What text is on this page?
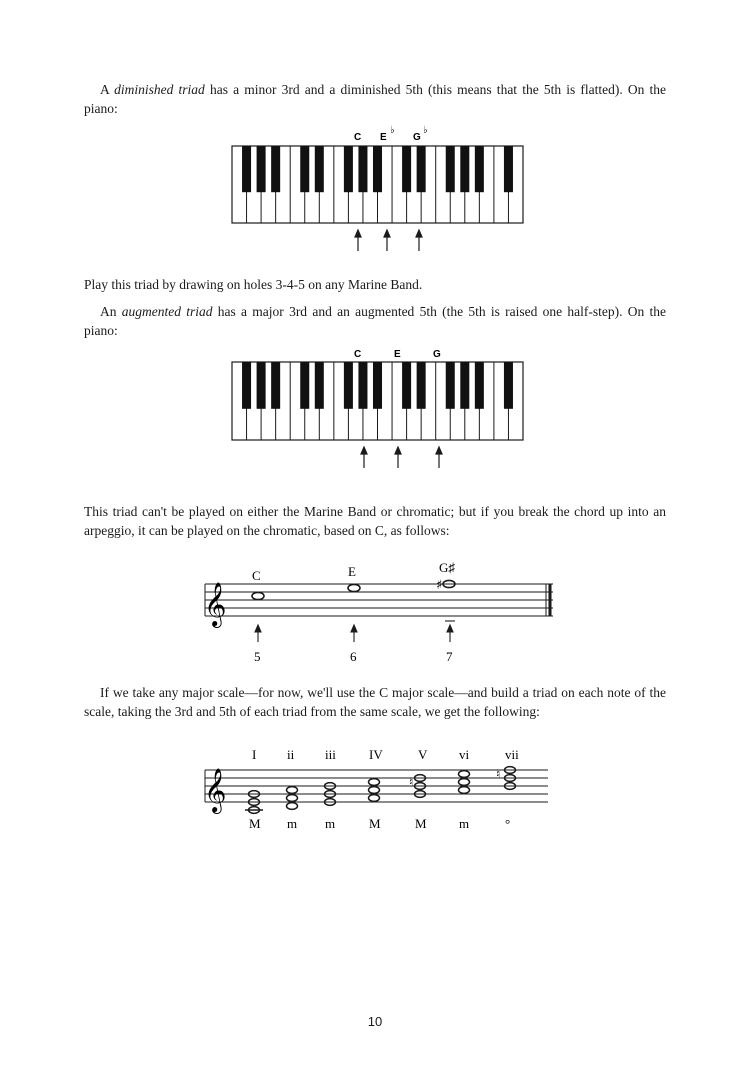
A diminished triad has a minor 3rd and a diminished 5th (this means that the 5th is flatted). On the piano:

C E
♭
G
♭
C	E	G
𝄞	♯
C	E	G♯
5	6	7
𝄞	♮
♮
I ii iii	IV	V vi	vii
M m m	M	M m	°

Play this triad by drawing on holes 3-4-5 on any Marine Band.

An augmented triad has a major 3rd and an augmented 5th (the 5th is raised one half-step). On the piano:

This triad can't be played on either the Marine Band or chromatic; but if you break the chord up into an arpeggio, it can be played on the chromatic, based on C, as follows:

If we take any major scale—for now, we'll use the C major scale—and build a triad on each note of the scale, taking the 3rd and 5th of each triad from the same scale, we get the following:

10
